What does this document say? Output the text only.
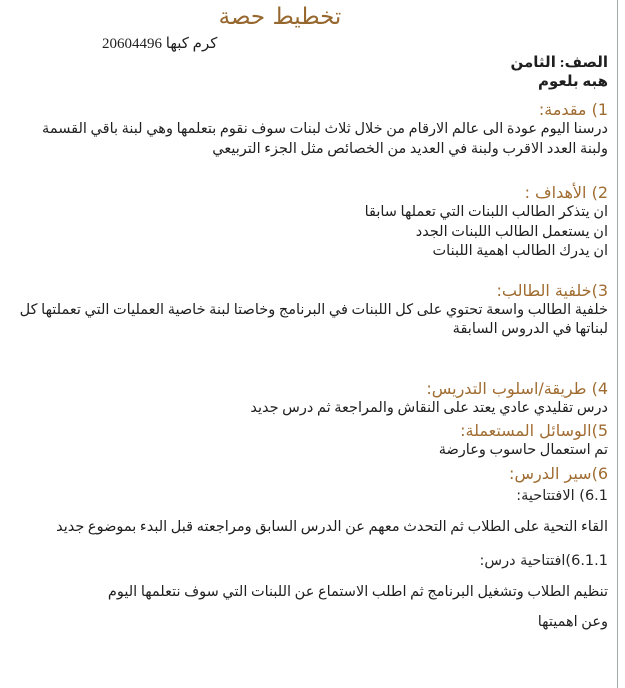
تخطيط حصة
كرم كبها 20604496
الصف: الثامن
هبه بلعوم
1) مقدمة:
درسنا اليوم عودة الى عالم الارقام من خلال ثلاث لبنات سوف نقوم بتعلمها وهي لبنة باقي القسمة ولبنة العدد الاقرب ولبنة في العديد من الخصائص مثل الجزء التربيعي
2) الأهداف :
ان يتذكر الطالب اللبنات التي تعملها سابقا
ان يستعمل الطالب اللبنات الجدد
ان يدرك الطالب اهمية اللبنات
3)خلفية الطالب:
خلفية الطالب واسعة تحتوي على كل اللبنات في البرنامج وخاصتا لبنة خاصية العمليات التي تعملتها كل لبناتها في الدروس السابقة
4) طريقة/اسلوب التدريس:
درس تقليدي عادي يعتد على النقاش والمراجعة ثم درس جديد
5)الوسائل المستعملة:
تم استعمال حاسوب وعارضة
6)سير الدرس:
6.1) الافتتاحية:
القاء التحية على الطلاب ثم التحدث معهم عن الدرس السابق ومراجعته قبل البدء بموضوع جديد
6.1.1)افتتاحية درس:
تنظيم الطلاب وتشغيل البرنامج ثم اطلب الاستماع عن اللبنات التي سوف نتعلمها اليوم وعن اهميتها
